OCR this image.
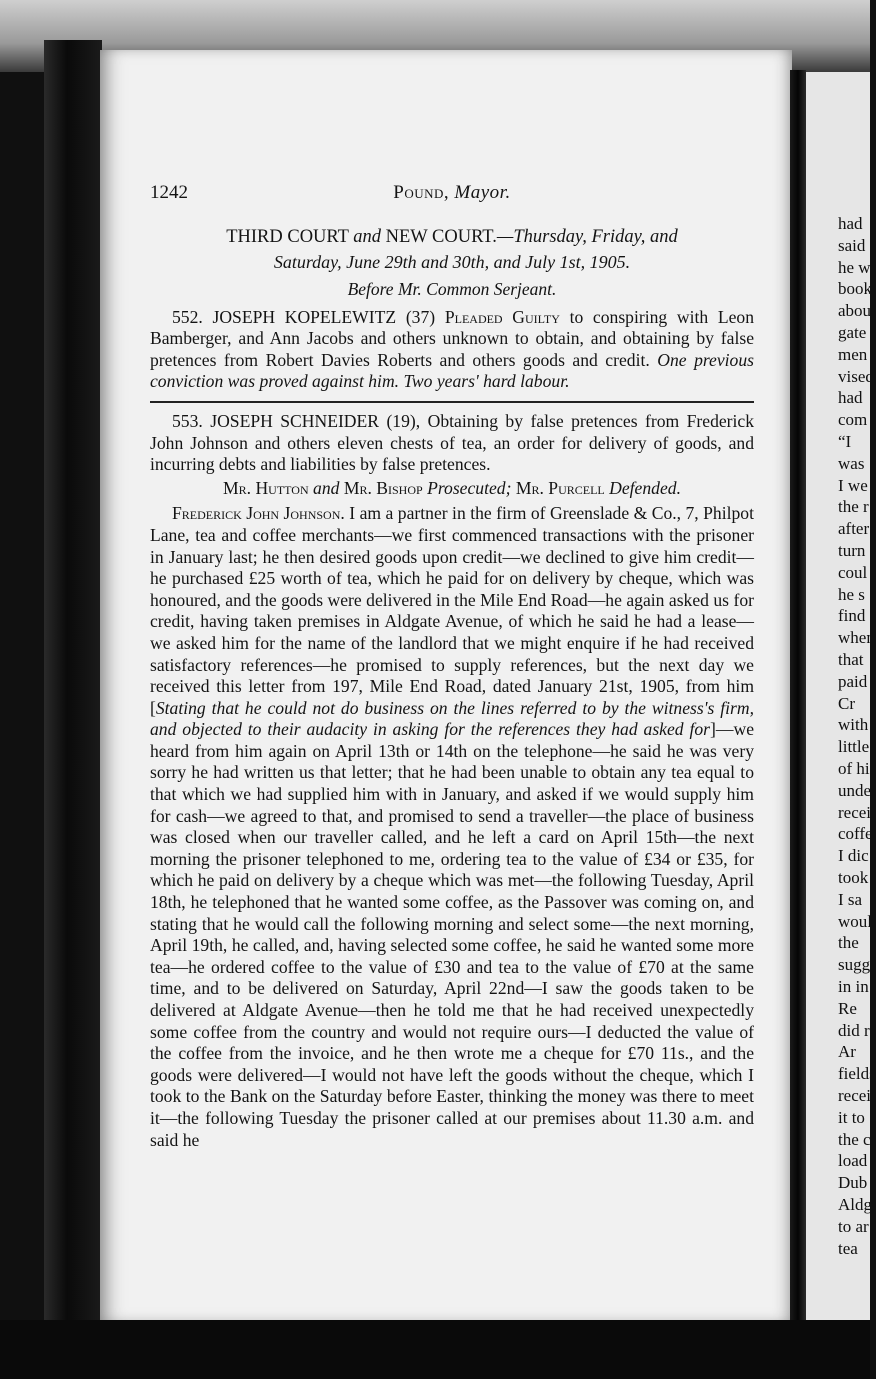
had
said
he w
book
abou
gate
men
vised
had
com
“I
was
I we
the r
after
turn
coul
he s
find
when
that
paid
Cr
with
little
of hi
unde
recei
coffe
I dic
took
I sa
woul
the
sugg
in in
Re
did r
Ar
fields
recei
it to
the c
load
Dub
Aldg
to ar
tea
1242	Pound, Mayor.
THIRD COURT and NEW COURT.—Thursday, Friday, and
Saturday, June 29th and 30th, and July 1st, 1905.
Before Mr. Common Serjeant.

552. JOSEPH KOPELEWITZ (37) Pleaded Guilty to conspiring with Leon Bamberger, and Ann Jacobs and others unknown to obtain, and obtaining by false pretences from Robert Davies Roberts and others goods and credit. One previous conviction was proved against him. Two years' hard labour.

553. JOSEPH SCHNEIDER (19), Obtaining by false pretences from Frederick John Johnson and others eleven chests of tea, an order for delivery of goods, and incurring debts and liabilities by false pretences.

Mr. Hutton and Mr. Bishop Prosecuted; Mr. Purcell Defended.

Frederick John Johnson. I am a partner in the firm of Greenslade & Co., 7, Philpot Lane, tea and coffee merchants—we first commenced transactions with the prisoner in January last; he then desired goods upon credit—we declined to give him credit—he purchased £25 worth of tea, which he paid for on delivery by cheque, which was honoured, and the goods were delivered in the Mile End Road—he again asked us for credit, having taken premises in Aldgate Avenue, of which he said he had a lease—we asked him for the name of the landlord that we might enquire if he had received satisfactory references—he promised to supply references, but the next day we received this letter from 197, Mile End Road, dated January 21st, 1905, from him [Stating that he could not do business on the lines referred to by the witness's firm, and objected to their audacity in asking for the references they had asked for]—we heard from him again on April 13th or 14th on the telephone—he said he was very sorry he had written us that letter; that he had been unable to obtain any tea equal to that which we had supplied him with in January, and asked if we would supply him for cash—we agreed to that, and promised to send a traveller—the place of business was closed when our traveller called, and he left a card on April 15th—the next morning the prisoner telephoned to me, ordering tea to the value of £34 or £35, for which he paid on delivery by a cheque which was met—the following Tuesday, April 18th, he telephoned that he wanted some coffee, as the Passover was coming on, and stating that he would call the following morning and select some—the next morning, April 19th, he called, and, having selected some coffee, he said he wanted some more tea—he ordered coffee to the value of £30 and tea to the value of £70 at the same time, and to be delivered on Saturday, April 22nd—I saw the goods taken to be delivered at Aldgate Avenue—then he told me that he had received unexpectedly some coffee from the country and would not require ours—I deducted the value of the coffee from the invoice, and he then wrote me a cheque for £70 11s., and the goods were delivered—I would not have left the goods without the cheque, which I took to the Bank on the Saturday before Easter, thinking the money was there to meet it—the following Tuesday the prisoner called at our premises about 11.30 a.m. and said he
